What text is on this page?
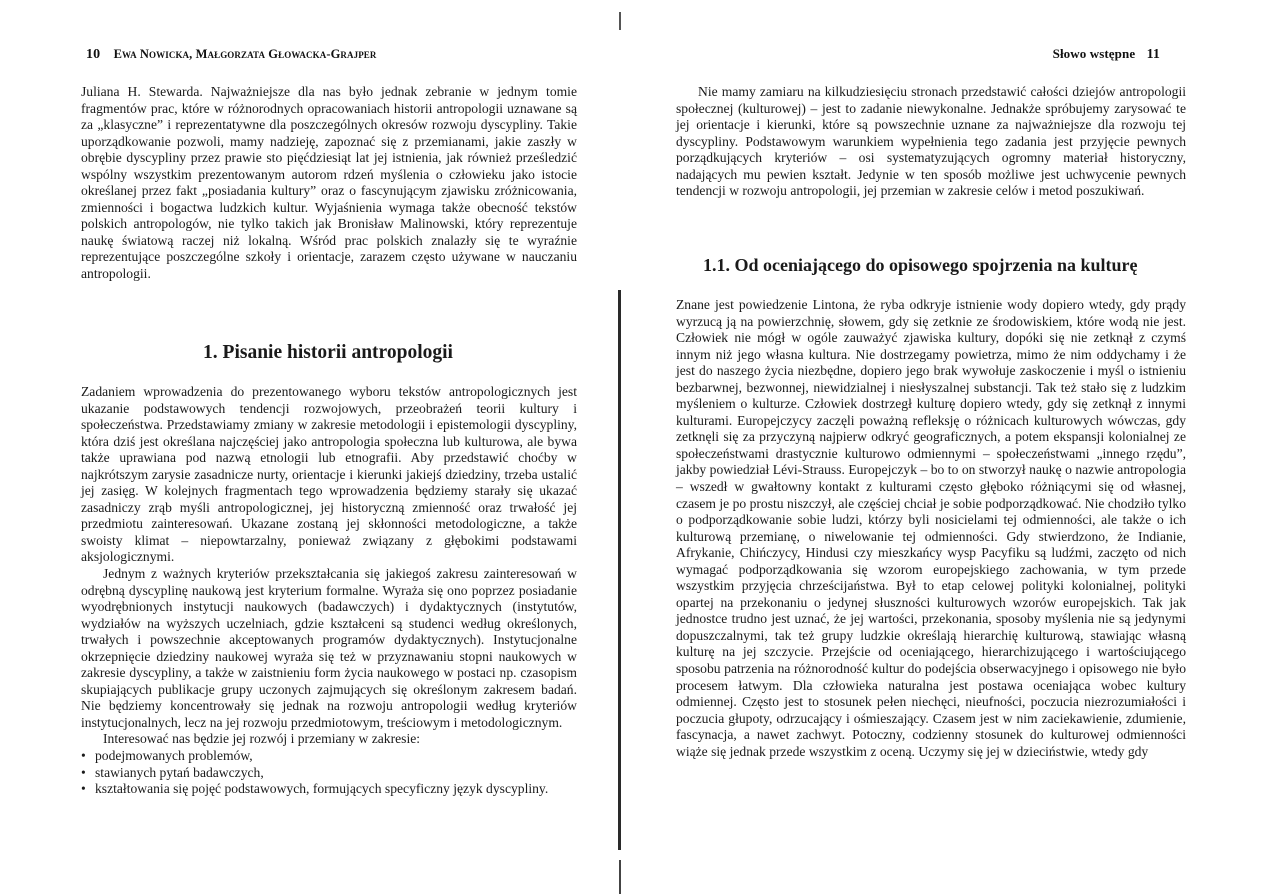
10 Ewa Nowicka, Małgorzata Głowacka-Grajper

Juliana H. Stewarda. Najważniejsze dla nas było jednak zebranie w jednym tomie fragmentów prac, które w różnorodnych opracowaniach historii antropologii uznawane są za „klasyczne” i reprezentatywne dla poszczególnych okresów rozwoju dyscypliny. Takie uporządkowanie pozwoli, mamy nadzieję, zapoznać się z przemianami, jakie zaszły w obrębie dyscypliny przez prawie sto pięćdziesiąt lat jej istnienia, jak również prześledzić wspólny wszystkim prezentowanym autorom rdzeń myślenia o człowieku jako istocie określanej przez fakt „posiadania kultury” oraz o fascynującym zjawisku zróżnicowania, zmienności i bogactwa ludzkich kultur. Wyjaśnienia wymaga także obecność tekstów polskich antropologów, nie tylko takich jak Bronisław Malinowski, który reprezentuje naukę światową raczej niż lokalną. Wśród prac polskich znalazły się te wyraźnie reprezentujące poszczególne szkoły i orientacje, zarazem często używane w nauczaniu antropologii.

1. Pisanie historii antropologii

Zadaniem wprowadzenia do prezentowanego wyboru tekstów antropologicznych jest ukazanie podstawowych tendencji rozwojowych, przeobrażeń teorii kultury i społeczeństwa. Przedstawiamy zmiany w zakresie metodologii i epistemologii dyscypliny, która dziś jest określana najczęściej jako antropologia społeczna lub kulturowa, ale bywa także uprawiana pod nazwą etnologii lub etnografii. Aby przedstawić choćby w najkrótszym zarysie zasadnicze nurty, orientacje i kierunki jakiejś dziedziny, trzeba ustalić jej zasięg. W kolejnych fragmentach tego wprowadzenia będziemy starały się ukazać zasadniczy zrąb myśli antropologicznej, jej historyczną zmienność oraz trwałość jej przedmiotu zainteresowań. Ukazane zostaną jej skłonności metodologiczne, a także swoisty klimat – niepowtarzalny, ponieważ związany z głębokimi podstawami aksjologicznymi.

Jednym z ważnych kryteriów przekształcania się jakiegoś zakresu zainteresowań w odrębną dyscyplinę naukową jest kryterium formalne. Wyraża się ono poprzez posiadanie wyodrębnionych instytucji naukowych (badawczych) i dydaktycznych (instytutów, wydziałów na wyższych uczelniach, gdzie kształceni są studenci według określonych, trwałych i powszechnie akceptowanych programów dydaktycznych). Instytucjonalne okrzepnięcie dziedziny naukowej wyraża się też w przyznawaniu stopni naukowych w zakresie dyscypliny, a także w zaistnieniu form życia naukowego w postaci np. czasopism skupiających publikacje grupy uczonych zajmujących się określonym zakresem badań. Nie będziemy koncentrowały się jednak na rozwoju antropologii według kryteriów instytucjonalnych, lecz na jej rozwoju przedmiotowym, treściowym i metodologicznym.

Interesować nas będzie jej rozwój i przemiany w zakresie:

• podejmowanych problemów,
• stawianych pytań badawczych,
• kształtowania się pojęć podstawowych, formujących specyficzny język dyscypliny.
Słowo wstępne 11

Nie mamy zamiaru na kilkudziesięciu stronach przedstawić całości dziejów antropologii społecznej (kulturowej) – jest to zadanie niewykonalne. Jednakże spróbujemy zarysować te jej orientacje i kierunki, które są powszechnie uznane za najważniejsze dla rozwoju tej dyscypliny. Podstawowym warunkiem wypełnienia tego zadania jest przyjęcie pewnych porządkujących kryteriów – osi systematyzujących ogromny materiał historyczny, nadających mu pewien kształt. Jedynie w ten sposób możliwe jest uchwycenie pewnych tendencji w rozwoju antropologii, jej przemian w zakresie celów i metod poszukiwań.

1.1. Od oceniającego do opisowego spojrzenia na kulturę

Znane jest powiedzenie Lintona, że ryba odkryje istnienie wody dopiero wtedy, gdy prądy wyrzucą ją na powierzchnię, słowem, gdy się zetknie ze środowiskiem, które wodą nie jest. Człowiek nie mógł w ogóle zauważyć zjawiska kultury, dopóki się nie zetknął z czymś innym niż jego własna kultura. Nie dostrzegamy powietrza, mimo że nim oddychamy i że jest do naszego życia niezbędne, dopiero jego brak wywołuje zaskoczenie i myśl o istnieniu bezbarwnej, bezwonnej, niewidzialnej i niesłyszalnej substancji. Tak też stało się z ludzkim myśleniem o kulturze. Człowiek dostrzegł kulturę dopiero wtedy, gdy się zetknął z innymi kulturami. Europejczycy zaczęli poważną refleksję o różnicach kulturowych wówczas, gdy zetknęli się za przyczyną najpierw odkryć geograficznych, a potem ekspansji kolonialnej ze społeczeństwami drastycznie kulturowo odmiennymi – społeczeństwami „innego rzędu”, jakby powiedział Lévi-Strauss. Europejczyk – bo to on stworzył naukę o nazwie antropologia – wszedł w gwałtowny kontakt z kulturami często głęboko różniącymi się od własnej, czasem je po prostu niszczył, ale częściej chciał je sobie podporządkować. Nie chodziło tylko o podporządkowanie sobie ludzi, którzy byli nosicielami tej odmienności, ale także o ich kulturową przemianę, o niwelowanie tej odmienności. Gdy stwierdzono, że Indianie, Afrykanie, Chińczycy, Hindusi czy mieszkańcy wysp Pacyfiku są ludźmi, zaczęto od nich wymagać podporządkowania się wzorom europejskiego zachowania, w tym przede wszystkim przyjęcia chrześcijaństwa. Był to etap celowej polityki kolonialnej, polityki opartej na przekonaniu o jedynej słuszności kulturowych wzorów europejskich. Tak jak jednostce trudno jest uznać, że jej wartości, przekonania, sposoby myślenia nie są jedynymi dopuszczalnymi, tak też grupy ludzkie określają hierarchię kulturową, stawiając własną kulturę na jej szczycie. Przejście od oceniającego, hierarchizującego i wartościującego sposobu patrzenia na różnorodność kultur do podejścia obserwacyjnego i opisowego nie było procesem łatwym. Dla człowieka naturalna jest postawa oceniająca wobec kultury odmiennej. Często jest to stosunek pełen niechęci, nieufności, poczucia niezrozumiałości i poczucia głupoty, odrzucający i ośmieszający. Czasem jest w nim zaciekawienie, zdumienie, fascynacja, a nawet zachwyt. Potoczny, codzienny stosunek do kulturowej odmienności wiąże się jednak przede wszystkim z oceną. Uczymy się jej w dzieciństwie, wtedy gdy
